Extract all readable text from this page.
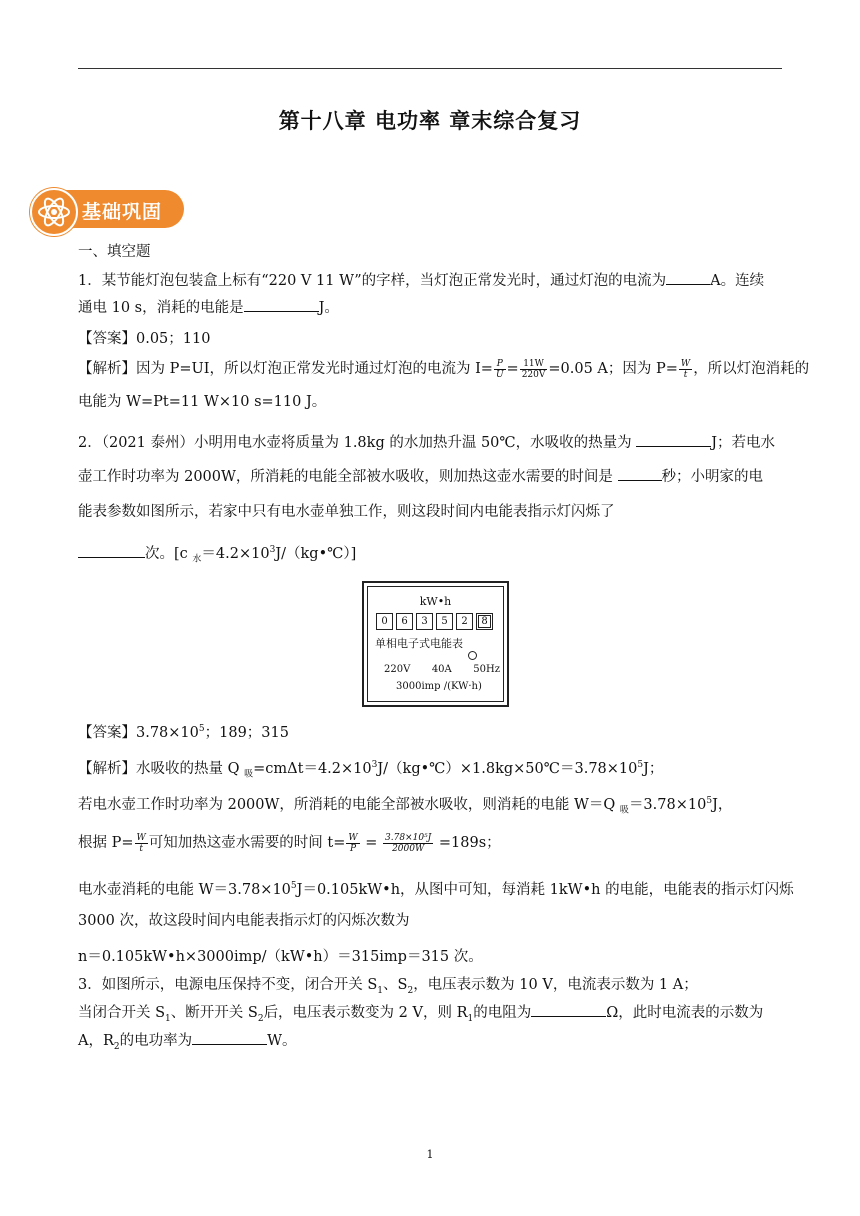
第十八章 电功率 章末综合复习
基础巩固
一、填空题
1．某节能灯泡包装盒上标有“220 V 11 W”的字样，当灯泡正常发光时，通过灯泡的电流为	A。连续
通电 10 s，消耗的电能是	J。
【答案】0.05；110
【解析】因为 P=UI，所以灯泡正常发光时通过灯泡的电流为 $I= \frac{P}{U} = \frac{11W}{220V} =0.05$ A；因为 $P= \frac{W}{t}$ ，所以灯泡消耗的
电能为 W=Pt=11 W×10 s=110 J。
2．（2021 泰州）小明用电水壶将质量为 1.8kg 的水加热升温 50℃，水吸收的热量为	J；若电水
壶工作时功率为 2000W，所消耗的电能全部被水吸收，则加热这壶水需要的时间是	秒；小明家的电
能表参数如图所示，若家中只有电水壶单独工作，则这段时间内电能表指示灯闪烁了
次。[c $_水=4.2\times 10^3J/(kg•℃)$]
kW•h
0	6	3	5	2	8
单相电子式电能表
220V 40A 50Hz
3000imp /(KW·h)
【答案】$3.78\times 10^5$；189；315
【解析】水吸收的热量 Q $_吸=cm\Delta t=4.2\times 10^3J/(kg•℃)\times 1.8kg\times 50℃=3.78\times 10^5J$；
若电水壶工作时功率为 2000W，所消耗的电能全部被水吸收，则消耗的电能 W＝Q $_吸=3.78\times 10^5J$，
根据 $P= \frac{W}{t}$ 可知加热这壶水需要的时间 $t= \frac{W}{P} = \frac{\text{3.78×10⁵J}}{2000W} =189s$；
电水壶消耗的电能 $W=3.78\times 10^5J=0.105kW•h$，从图中可知，每消耗 1kW•h 的电能，电能表的指示灯闪烁
3000 次，故这段时间内电能表指示灯的闪烁次数为
n＝0.105kW•h×3000imp/（kW•h）＝315imp＝315 次。
3．如图所示，电源电压保持不变，闭合开关 $S_1$、$S_2$，电压表示数为 10 V，电流表示数为 1 A；
当闭合开关 $S_1$、断开开关 $S_2$后，电压表示数变为 2 V，则 $R_1$的电阻为	Ω，此时电流表的示数为
A，$R_2$的电功率为	W。
1
